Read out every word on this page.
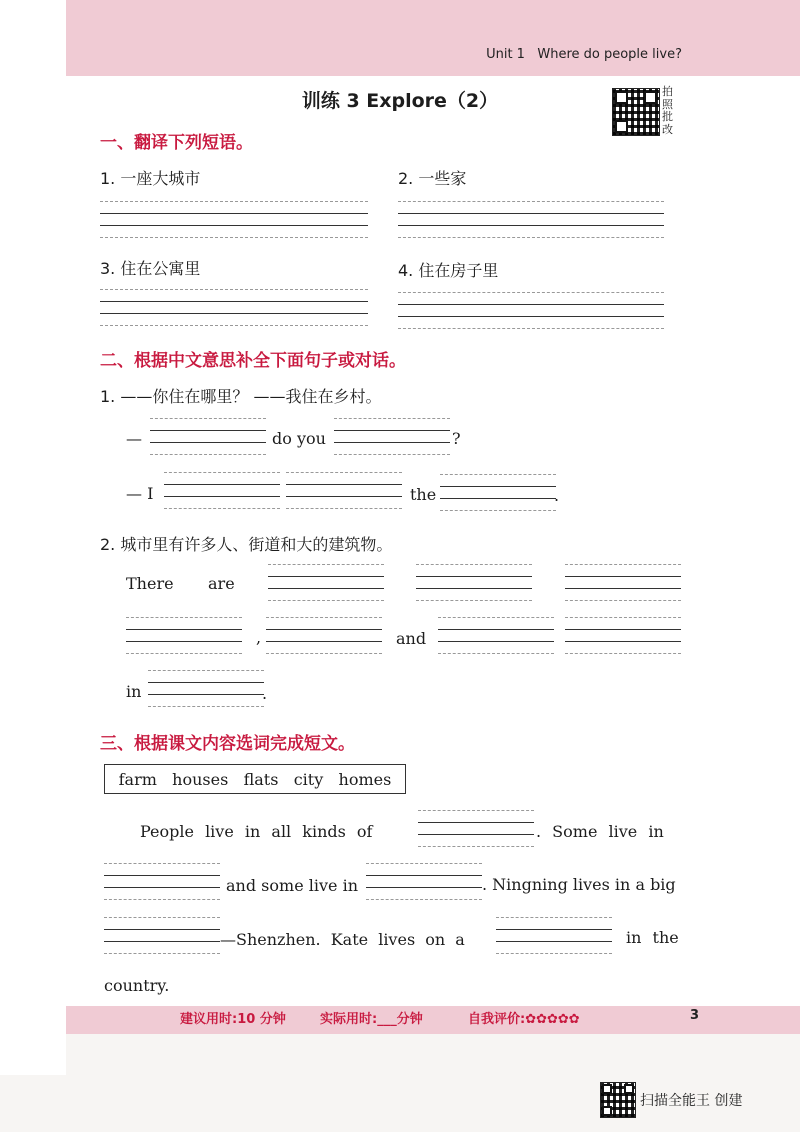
Unit 1 Where do people live?
训练 3 Explore（2）	拍
照
批
改
一、翻译下列短语。
1. 一座大城市	2. 一些家
3. 住在公寓里	4. 住在房子里
二、根据中文意思补全下面句子或对话。
1. ——你住在哪里？ ——我住在乡村。
—	do you	?
— I	the	.
2. 城市里有许多人、街道和大的建筑物。
There are
,	and
in	.
三、根据课文内容选词完成短文。
farm houses flats city homes
People live in all kinds of	. Some live in
and some live in	. Ningning lives in a big
—Shenzhen. Kate lives on a	in the
country.
建议用时:10 分钟	实际用时:___分钟	自我评价:✿✿✿✿✿	3
扫描全能王 创建
